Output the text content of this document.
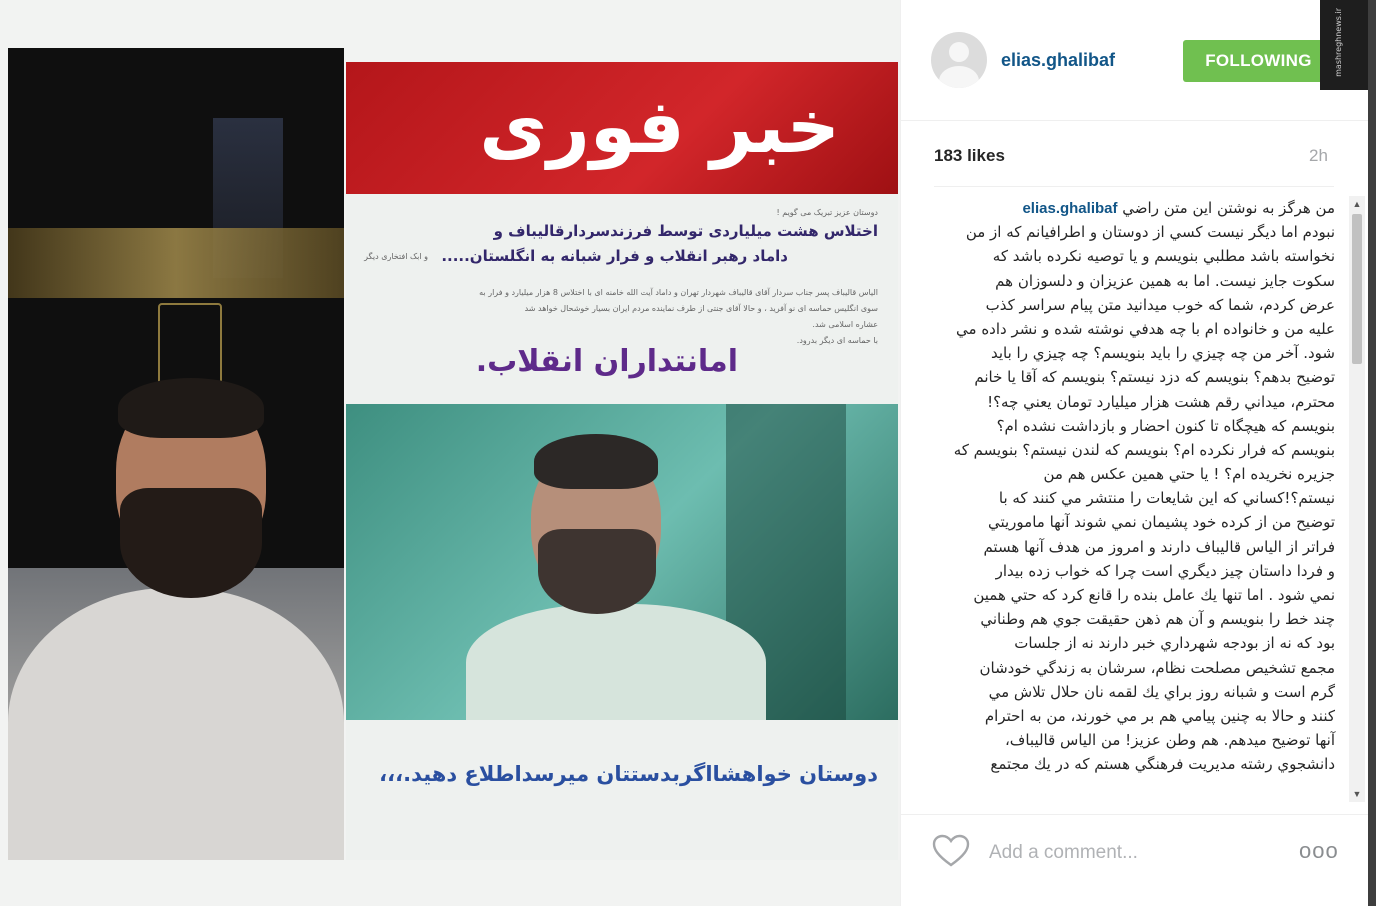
خبر فوری
دوستان عزیز تبریک می گویم !
اختلاس هشت میلیاردی توسط فرزندسردارقالیباف و
و ابک افتخاری دیگر داماد رهبر انقلاب و فرار شبانه به انگلستان.....
الیاس قالیباف پسر جناب سردار آقای قالیباف شهردار تهران و داماد آیت الله خامنه ای با اختلاس 8 هزار میلیارد و فرار به
سوی انگلیس حماسه ای نو آفرید ، و حالا آقای جنتی از طرف نماینده مردم ایران بسیار خوشحال خواهد شد
عشاره اسلامی شد.
با حماسه ای دیگر بدرود.
امانتداران انقلاب.
دوستان خواهشااگربدستتان میرسداطلاع دهید.،،،
elias.ghalibaf	FOLLOWING
183 likes	2h
من هرگز به نوشتن اين متن راضي elias.ghalibaf
نبودم اما ديگر نيست کسي از دوستان و اطرافيانم که از من
نخواسته باشد مطلبي بنويسم و يا توصيه نکرده باشد که
سکوت جايز نيست. اما به همين عزيزان و دلسوزان هم
عرض کردم، شما که خوب ميدانيد متن پيام سراسر کذب
عليه من و خانواده ام با چه هدفي نوشته شده و نشر داده مي
شود. آخر من چه چيزي را بايد بنويسم؟ چه چيزي را بايد
توضيح بدهم؟ بنويسم که دزد نيستم؟ بنويسم که آقا يا خانم
محترم، ميداني رقم هشت هزار ميليارد تومان يعني چه؟!
بنويسم که هيچگاه تا کنون احضار و بازداشت نشده ام؟
بنويسم که فرار نکرده ام؟ بنويسم که لندن نيستم؟ بنويسم که
جزيره نخريده ام؟ ! يا حتي همين عکس هم من
نيستم؟!کساني که اين شايعات را منتشر مي کنند که با
توضيح من از کرده خود پشيمان نمي شوند آنها ماموريتي
فراتر از الياس قاليباف دارند و امروز من هدف آنها هستم
و فردا داستان چيز ديگري است چرا که خواب زده بيدار
نمي شود . اما تنها يك عامل بنده را قانع کرد که حتي همين
چند خط را بنويسم و آن هم ذهن حقيقت جوي هم وطناني
بود که نه از بودجه شهرداري خبر دارند نه از جلسات
مجمع تشخيص مصلحت نظام، سرشان به زندگي خودشان
گرم است و شبانه روز براي يك لقمه نان حلال تلاش مي
کنند و حالا به چنين پيامي هم بر مي خورند، من به احترام
آنها توضيح ميدهم. هم وطن عزيز! من الياس قاليباف،
دانشجوي رشته مديريت فرهنگي هستم که در يك مجتمع
▲
▼
Add a comment...
ooo
mashreghnews.ir
